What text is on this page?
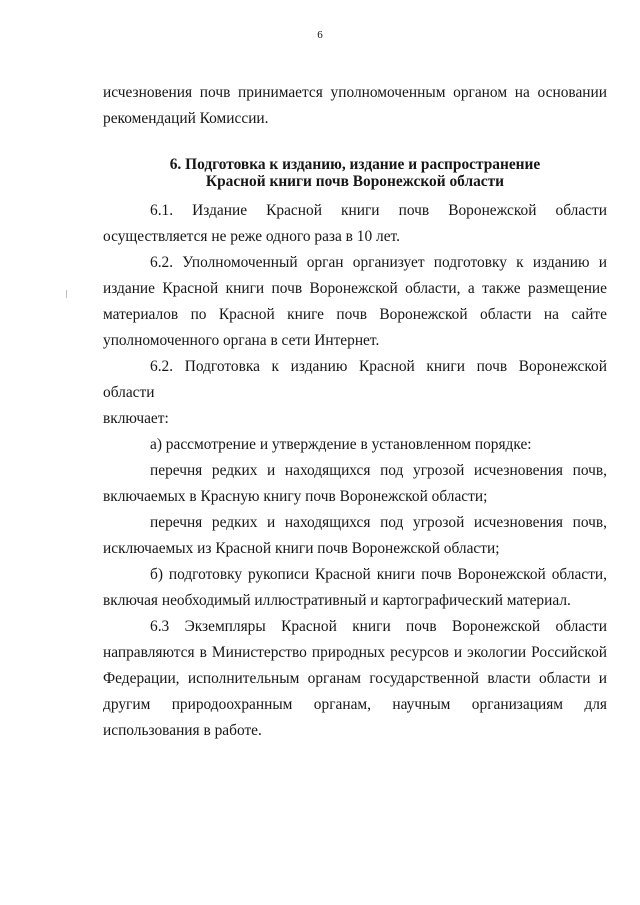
6

исчезновения почв принимается уполномоченным органом на основании

рекомендаций Комиссии.

6. Подготовка к изданию, издание и распространение
Красной книги почв Воронежской области
6.1. Издание Красной книги почв Воронежской области

осуществляется не реже одного раза в 10 лет.

6.2. Уполномоченный орган организует подготовку к изданию и

издание Красной книги почв Воронежской области, а также размещение

материалов по Красной книге почв Воронежской области на сайте

уполномоченного органа в сети Интернет.

6.2. Подготовка к изданию Красной книги почв Воронежской области

включает:

а) рассмотрение и утверждение в установленном порядке:

перечня редких и находящихся под угрозой исчезновения почв,

включаемых в Красную книгу почв Воронежской области;

перечня редких и находящихся под угрозой исчезновения почв,

исключаемых из Красной книги почв Воронежской области;

б) подготовку рукописи Красной книги почв Воронежской области,

включая необходимый иллюстративный и картографический материал.

6.3 Экземпляры Красной книги почв Воронежской области

направляются в Министерство природных ресурсов и экологии Российской

Федерации, исполнительным органам государственной власти области и

другим природоохранным органам, научным организациям для

использования в работе.
